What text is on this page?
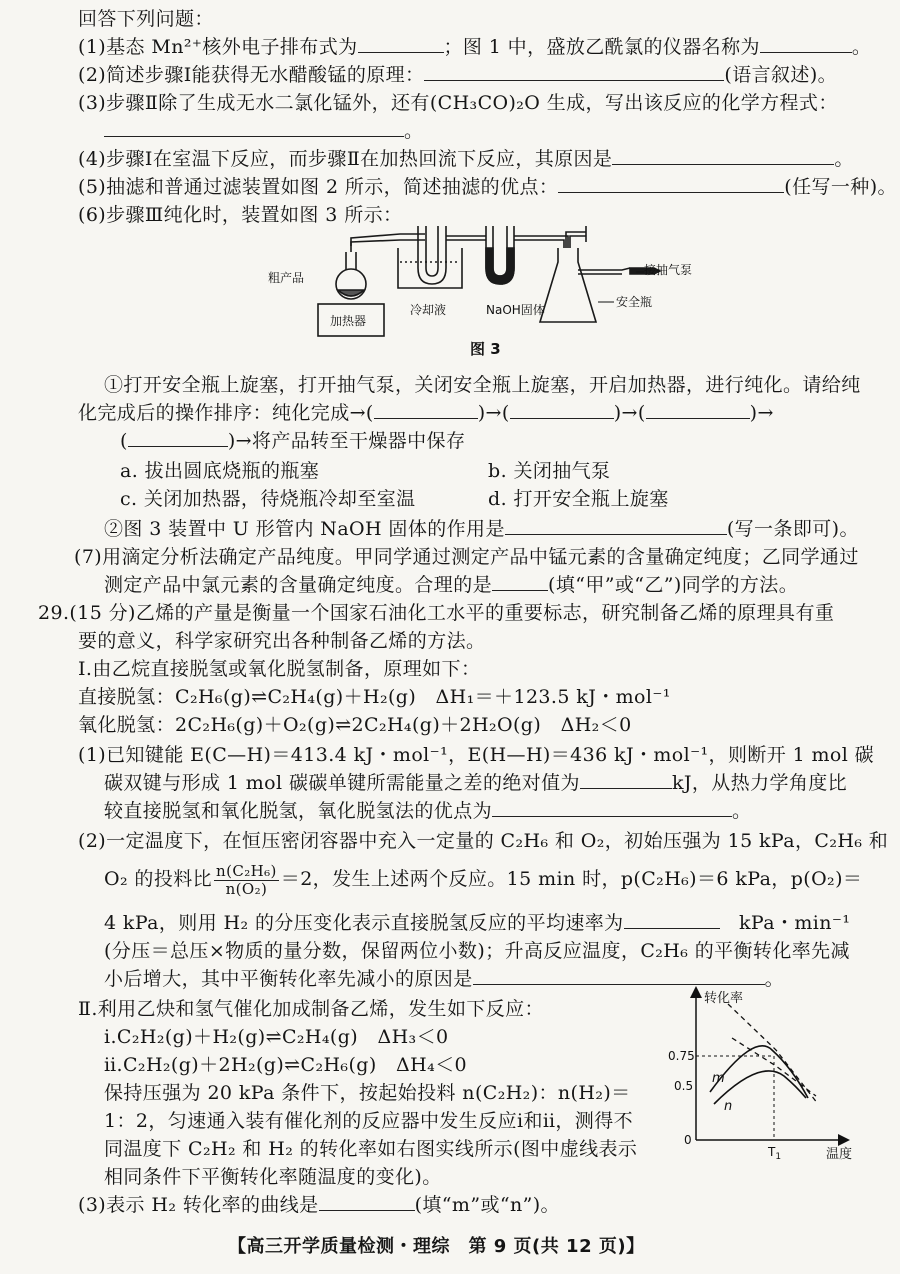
回答下列问题：
(1)基态 Mn²⁺核外电子排布式为	；图 1 中，盛放乙酰氯的仪器名称为	。
(2)简述步骤Ⅰ能获得无水醋酸锰的原理：	(语言叙述)。
(3)步骤Ⅱ除了生成无水二氯化锰外，还有(CH₃CO)₂O 生成，写出该反应的化学方程式：
。
(4)步骤Ⅰ在室温下反应，而步骤Ⅱ在加热回流下反应，其原因是	。
(5)抽滤和普通过滤装置如图 2 所示，简述抽滤的优点：	(任写一种)。
(6)步骤Ⅲ纯化时，装置如图 3 所示：
粗产品
加热器
冷却液	NaOH固体
接抽气泵
安全瓶
图 3
①打开安全瓶上旋塞，打开抽气泵，关闭安全瓶上旋塞，开启加热器，进行纯化。请给纯
化完成后的操作排序：纯化完成→(	)→(	)→(	)→
(	)→将产品转至干燥器中保存
a. 拔出圆底烧瓶的瓶塞	b. 关闭抽气泵
c. 关闭加热器，待烧瓶冷却至室温	d. 打开安全瓶上旋塞
②图 3 装置中 U 形管内 NaOH 固体的作用是	(写一条即可)。
(7)用滴定分析法确定产品纯度。甲同学通过测定产品中锰元素的含量确定纯度；乙同学通过
测定产品中氯元素的含量确定纯度。合理的是	(填“甲”或“乙”)同学的方法。
29.(15 分)乙烯的产量是衡量一个国家石油化工水平的重要标志，研究制备乙烯的原理具有重
要的意义，科学家研究出各种制备乙烯的方法。
Ⅰ.由乙烷直接脱氢或氧化脱氢制备，原理如下：
直接脱氢：C₂H₆(g)⇌C₂H₄(g)＋H₂(g)　ΔH₁＝＋123.5 kJ・mol⁻¹
氧化脱氢：2C₂H₆(g)＋O₂(g)⇌2C₂H₄(g)＋2H₂O(g)　ΔH₂＜0
(1)已知键能 E(C—H)＝413.4 kJ・mol⁻¹，E(H—H)＝436 kJ・mol⁻¹，则断开 1 mol 碳
碳双键与形成 1 mol 碳碳单键所需能量之差的绝对值为	kJ，从热力学角度比
较直接脱氢和氧化脱氢，氧化脱氢法的优点为	。
(2)一定温度下，在恒压密闭容器中充入一定量的 C₂H₆ 和 O₂，初始压强为 15 kPa，C₂H₆ 和
O₂ 的投料比 $\frac{\text{n(C₂H₆)}}{\text{n(O₂)}} =2$，发生上述两个反应。15 min 时，p(C₂H₆)＝6 kPa，p(O₂)＝
4 kPa，则用 H₂ 的分压变化表示直接脱氢反应的平均速率为　	kPa・min⁻¹
(分压＝总压×物质的量分数，保留两位小数)；升高反应温度，C₂H₆ 的平衡转化率先减
小后增大，其中平衡转化率先减小的原因是	。
Ⅱ.利用乙炔和氢气催化加成制备乙烯，发生如下反应：
ⅰ.C₂H₂(g)＋H₂(g)⇌C₂H₄(g)　ΔH₃＜0
ⅱ.C₂H₂(g)＋2H₂(g)⇌C₂H₆(g)　ΔH₄＜0
保持压强为 20 kPa 条件下，按起始投料 n(C₂H₂)：n(H₂)＝
1：2，匀速通入装有催化剂的反应器中发生反应ⅰ和ⅱ，测得不
同温度下 C₂H₂ 和 H₂ 的转化率如右图实线所示(图中虚线表示
相同条件下平衡转化率随温度的变化)。
(3)表示 H₂ 转化率的曲线是	(填“m”或“n”)。
转化率
温度
0.75
0.5
0
m
n
$T_1$
【高三开学质量检测・理综　第 9 页(共 12 页)】
